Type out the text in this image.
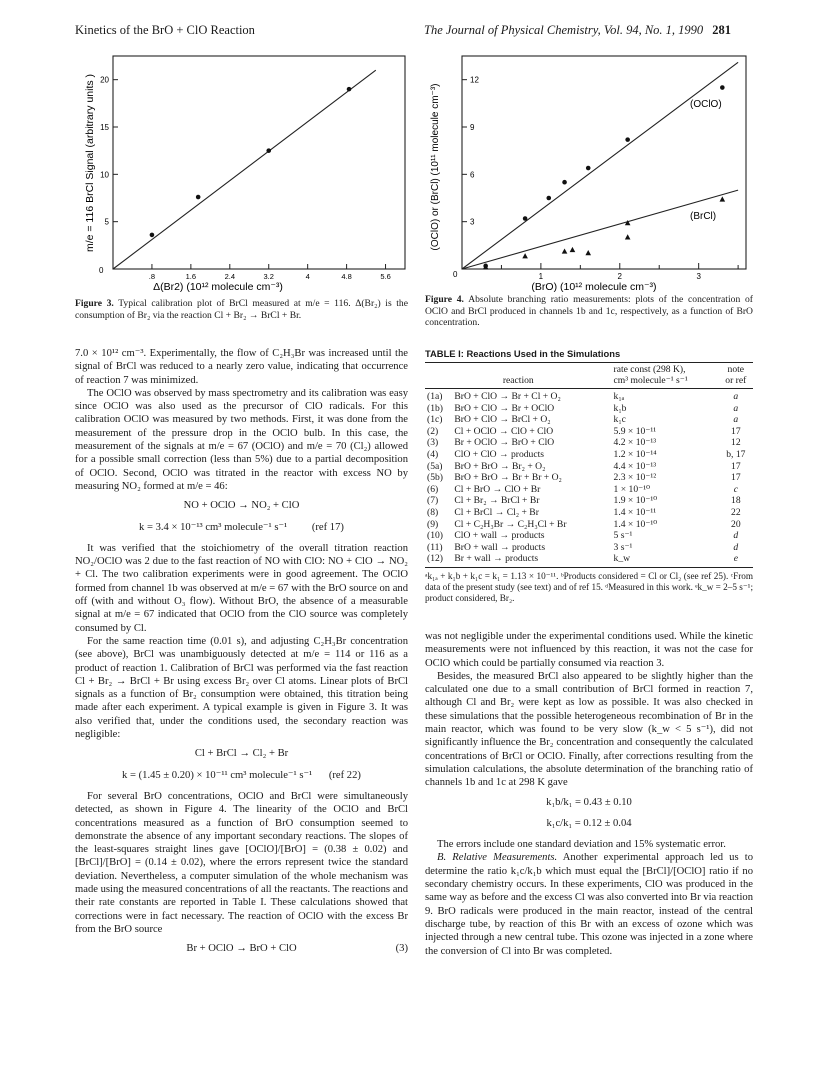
Kinetics of the BrO + ClO Reaction	The Journal of Physical Chemistry, Vol. 94, No. 1, 1990 281
.8	1.6	2.4	3.2	4	4.8	5.6
5
10
15
20
0
m/e = 116 BrCl Signal (arbitrary units )
Δ(Br2) (10¹² molecule cm⁻³)
Figure 3. Typical calibration plot of BrCl measured at m/e = 116. Δ(Br₂) is the consumption of Br₂ via the reaction Cl + Br₂ → BrCl + Br.
1	2	3
3
6
9
12
(OClO)
(BrCl)
0
(OClO) or (BrCl) (10¹¹ molecule cm⁻³)
(BrO) (10¹² molecule cm⁻³)
Figure 4. Absolute branching ratio measurements: plots of the concentration of OClO and BrCl produced in channels 1b and 1c, respectively, as a function of BrO concentration.

7.0 × 10¹² cm⁻³. Experimentally, the flow of C₂H₃Br was increased until the signal of BrCl was reduced to a nearly zero value, indicating that occurrence of reaction 7 was minimized.

The OClO was observed by mass spectrometry and its calibration was easy since OClO was also used as the precursor of ClO radicals. For this calibration OClO was measured by two methods. First, it was done from the measurement of the pressure drop in the OClO bulb. In this case, the measurement of the signals at m/e = 67 (OClO) and m/e = 70 (Cl₂) allowed for a possible small correction (less than 5%) due to a partial decomposition of OClO. Second, OClO was titrated in the reactor with excess NO by measuring NO₂ formed at m/e = 46:

NO + OClO → NO₂ + ClO
k = 3.4 × 10⁻¹³ cm³ molecule⁻¹ s⁻¹ (ref 17)

It was verified that the stoichiometry of the overall titration reaction NO₂/OClO was 2 due to the fast reaction of NO with ClO: NO + ClO → NO₂ + Cl. The two calibration experiments were in good agreement. The OClO formed from channel 1b was observed at m/e = 67 with the BrO source on and off (with and without O₃ flow). Without BrO, the absence of a measurable signal at m/e = 67 indicated that OClO from the ClO source was completely consumed by Cl.

For the same reaction time (0.01 s), and adjusting C₂H₃Br concentration (see above), BrCl was unambiguously detected at m/e = 114 or 116 as a product of reaction 1. Calibration of BrCl was performed via the fast reaction Cl + Br₂ → BrCl + Br using excess Br₂ over Cl atoms. Linear plots of BrCl signals as a function of Br₂ consumption were obtained, this titration being made after each experiment. A typical example is given in Figure 3. It was also verified that, under the conditions used, the secondary reaction was negligible:

Cl + BrCl → Cl₂ + Br
k = (1.45 ± 0.20) × 10⁻¹¹ cm³ molecule⁻¹ s⁻¹ (ref 22)

For several BrO concentrations, OClO and BrCl were simultaneously detected, as shown in Figure 4. The linearity of the OClO and BrCl concentrations measured as a function of BrO consumption seemed to demonstrate the absence of any important secondary reactions. The slopes of the least-squares straight lines gave [OClO]/[BrO] = (0.38 ± 0.02) and [BrCl]/[BrO] = (0.14 ± 0.02), where the errors represent twice the standard deviation. Nevertheless, a computer simulation of the whole mechanism was made using the measured concentrations of all the reactants. The reactions and their rate constants are reported in Table I. These calculations showed that corrections were in fact necessary. The reaction of OClO with the excess Br from the BrO source

Br + OClO → BrO + ClO	(3)
TABLE I: Reactions Used in the Simulations
		rate const (298 K),	note
reaction		cm³ molecule⁻¹ s⁻¹	or ref
(1a)	BrO + ClO → Br + Cl + O₂	k₁ₐ	a
(1b)	BrO + ClO → Br + OClO	k₁b	a
(1c)	BrO + ClO → BrCl + O₂	k₁c	a
(2)	Cl + OClO → ClO + ClO	5.9 × 10⁻¹¹	17
(3)	Br + OClO → BrO + ClO	4.2 × 10⁻¹³	12
(4)	ClO + ClO → products	1.2 × 10⁻¹⁴	b, 17
(5a)	BrO + BrO → Br₂ + O₂	4.4 × 10⁻¹³	17
(5b)	BrO + BrO → Br + Br + O₂	2.3 × 10⁻¹²	17
(6)	Cl + BrO → ClO + Br	1 × 10⁻¹⁰	c
(7)	Cl + Br₂ → BrCl + Br	1.9 × 10⁻¹⁰	18
(8)	Cl + BrCl → Cl₂ + Br	1.4 × 10⁻¹¹	22
(9)	Cl + C₂H₃Br → C₂H₃Cl + Br	1.4 × 10⁻¹⁰	20
(10)	ClO + wall → products	5 s⁻¹	d
(11)	BrO + wall → products	3 s⁻¹	d
(12)	Br + wall → products	k_w	e
ᵃk₁ₐ + k₁b + k₁c = k₁ = 1.13 × 10⁻¹¹. ᵇProducts considered = Cl or Cl₂ (see ref 25). ᶜFrom data of the present study (see text) and of ref 15. ᵈMeasured in this work. ᵉk_w = 2–5 s⁻¹; product considered, Br₂.

was not negligible under the experimental conditions used. While the kinetic measurements were not influenced by this reaction, it was not the case for OClO which could be partially consumed via reaction 3.

Besides, the measured BrCl also appeared to be slightly higher than the calculated one due to a small contribution of BrCl formed in reaction 7, although Cl and Br₂ were kept as low as possible. It was also checked in these simulations that the possible heterogeneous recombination of Br in the main reactor, which was found to be very slow (k_w < 5 s⁻¹), did not significantly influence the Br₂ concentration and consequently the calculated concentrations of BrCl or OClO. Finally, after corrections resulting from the simulation calculations, the absolute determination of the branching ratio of channels 1b and 1c at 298 K gave

k₁b/k₁ = 0.43 ± 0.10
k₁c/k₁ = 0.12 ± 0.04

The errors include one standard deviation and 15% systematic error.

B. Relative Measurements. Another experimental approach led us to determine the ratio k₁c/k₁b which must equal the [BrCl]/[OClO] ratio if no secondary chemistry occurs. In these experiments, ClO was produced in the same way as before and the excess Cl was also converted into Br via reaction 9. BrO radicals were produced in the main reactor, instead of the central discharge tube, by reaction of this Br with an excess of ozone which was injected through a new central tube. This ozone was injected in a zone where the conversion of Cl into Br was completed.
